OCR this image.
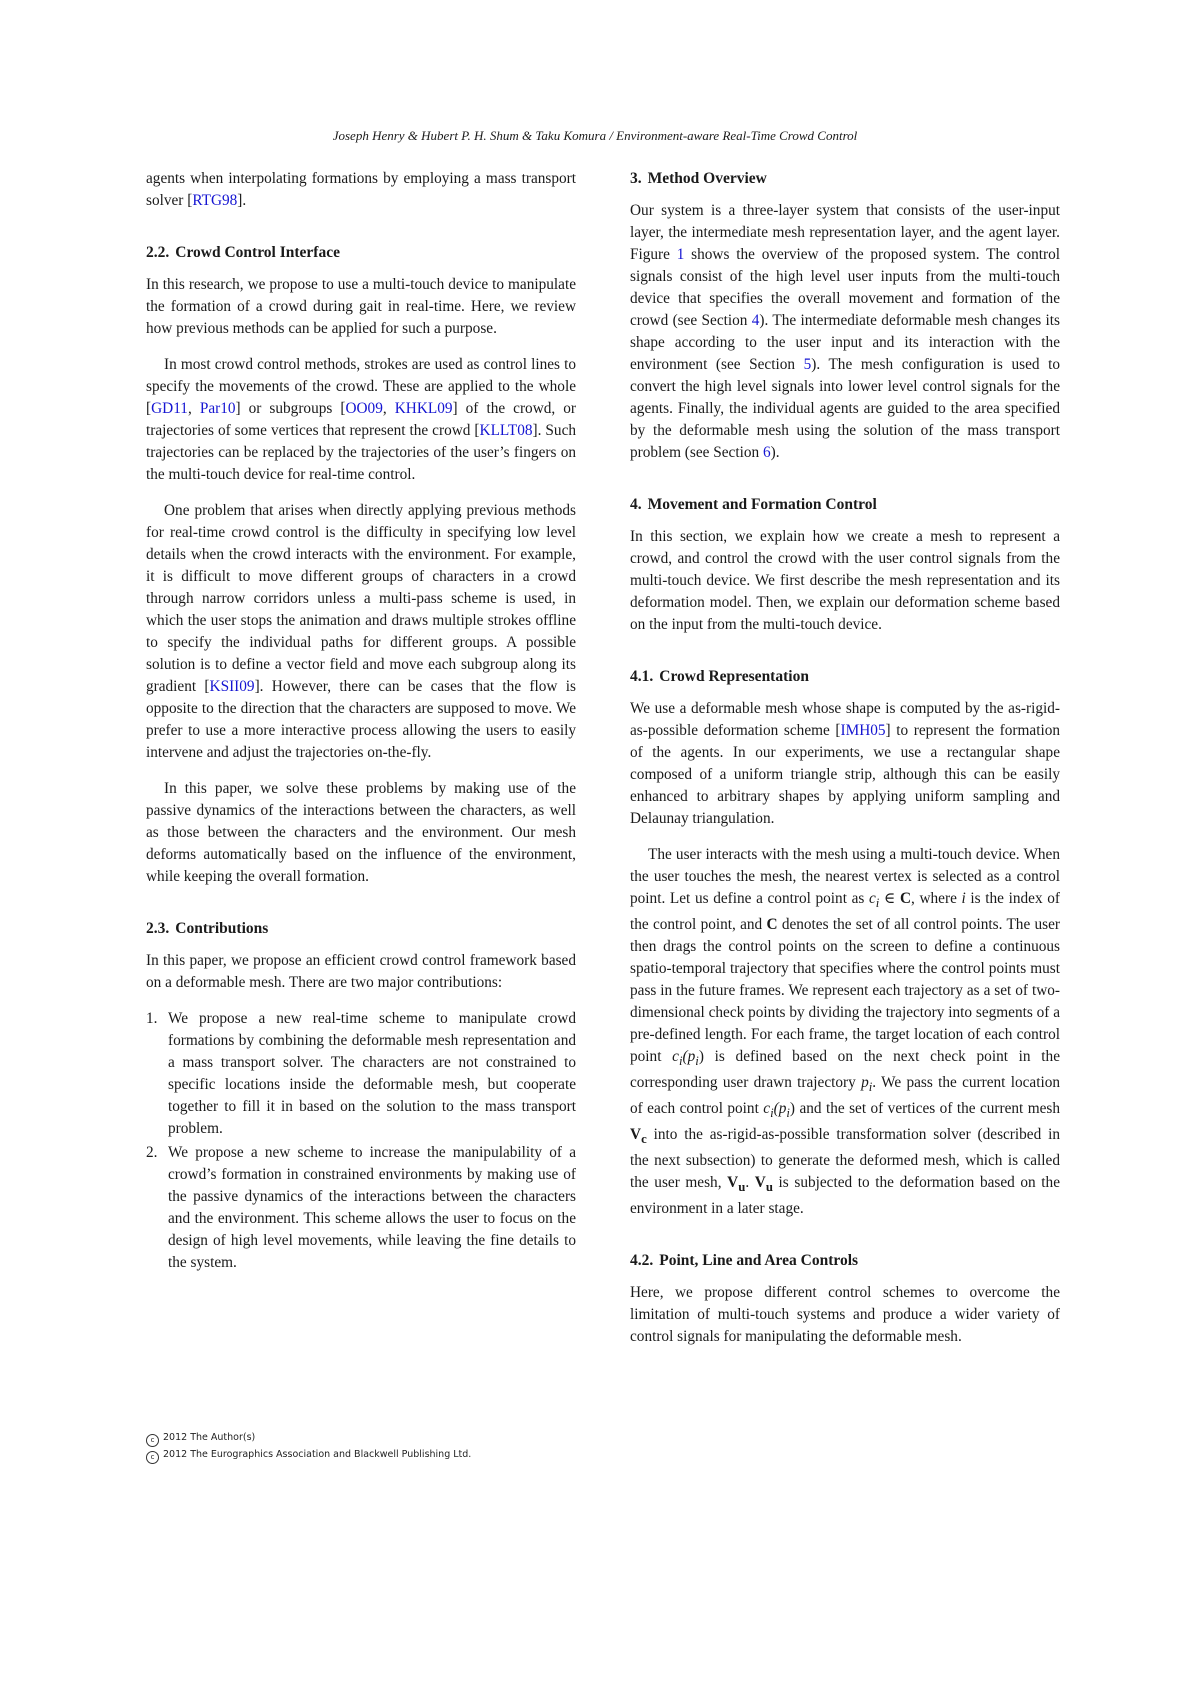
Joseph Henry & Hubert P. H. Shum & Taku Komura / Environment-aware Real-Time Crowd Control

agents when interpolating formations by employing a mass transport solver [RTG98].

2.2. Crowd Control Interface

In this research, we propose to use a multi-touch device to manipulate the formation of a crowd during gait in real-time. Here, we review how previous methods can be applied for such a purpose.

In most crowd control methods, strokes are used as control lines to specify the movements of the crowd. These are applied to the whole [GD11, Par10] or subgroups [OO09, KHKL09] of the crowd, or trajectories of some vertices that represent the crowd [KLLT08]. Such trajectories can be replaced by the trajectories of the user’s fingers on the multi-touch device for real-time control.

One problem that arises when directly applying previous methods for real-time crowd control is the difficulty in specifying low level details when the crowd interacts with the environment. For example, it is difficult to move different groups of characters in a crowd through narrow corridors unless a multi-pass scheme is used, in which the user stops the animation and draws multiple strokes offline to specify the individual paths for different groups. A possible solution is to define a vector field and move each subgroup along its gradient [KSII09]. However, there can be cases that the flow is opposite to the direction that the characters are supposed to move. We prefer to use a more interactive process allowing the users to easily intervene and adjust the trajectories on-the-fly.

In this paper, we solve these problems by making use of the passive dynamics of the interactions between the characters, as well as those between the characters and the environment. Our mesh deforms automatically based on the influence of the environment, while keeping the overall formation.

2.3. Contributions

In this paper, we propose an efficient crowd control framework based on a deformable mesh. There are two major contributions:

1. We propose a new real-time scheme to manipulate crowd formations by combining the deformable mesh representation and a mass transport solver. The characters are not constrained to specific locations inside the deformable mesh, but cooperate together to fill it in based on the solution to the mass transport problem.
2. We propose a new scheme to increase the manipulability of a crowd’s formation in constrained environments by making use of the passive dynamics of the interactions between the characters and the environment. This scheme allows the user to focus on the design of high level movements, while leaving the fine details to the system.
3. Method Overview

Our system is a three-layer system that consists of the user-input layer, the intermediate mesh representation layer, and the agent layer. Figure 1 shows the overview of the proposed system. The control signals consist of the high level user inputs from the multi-touch device that specifies the overall movement and formation of the crowd (see Section 4). The intermediate deformable mesh changes its shape according to the user input and its interaction with the environment (see Section 5). The mesh configuration is used to convert the high level signals into lower level control signals for the agents. Finally, the individual agents are guided to the area specified by the deformable mesh using the solution of the mass transport problem (see Section 6).

4. Movement and Formation Control

In this section, we explain how we create a mesh to represent a crowd, and control the crowd with the user control signals from the multi-touch device. We first describe the mesh representation and its deformation model. Then, we explain our deformation scheme based on the input from the multi-touch device.

4.1. Crowd Representation

We use a deformable mesh whose shape is computed by the as-rigid-as-possible deformation scheme [IMH05] to represent the formation of the agents. In our experiments, we use a rectangular shape composed of a uniform triangle strip, although this can be easily enhanced to arbitrary shapes by applying uniform sampling and Delaunay triangulation.

The user interacts with the mesh using a multi-touch device. When the user touches the mesh, the nearest vertex is selected as a control point. Let us define a control point as $c_i$ ∈ C, where i is the index of the control point, and C denotes the set of all control points. The user then drags the control points on the screen to define a continuous spatio-temporal trajectory that specifies where the control points must pass in the future frames. We represent each trajectory as a set of two-dimensional check points by dividing the trajectory into segments of a pre-defined length. For each frame, the target location of each control point $c_i(p_i)$ is defined based on the next check point in the corresponding user drawn trajectory $p_i$. We pass the current location of each control point $c_i(p_i)$ and the set of vertices of the current mesh $V_c$ into the as-rigid-as-possible transformation solver (described in the next subsection) to generate the deformed mesh, which is called the user mesh, $V_u$. $V_u$ is subjected to the deformation based on the environment in a later stage.

4.2. Point, Line and Area Controls

Here, we propose different control schemes to overcome the limitation of multi-touch systems and produce a wider variety of control signals for manipulating the deformable mesh.

c 2012 The Author(s)
c 2012 The Eurographics Association and Blackwell Publishing Ltd.
